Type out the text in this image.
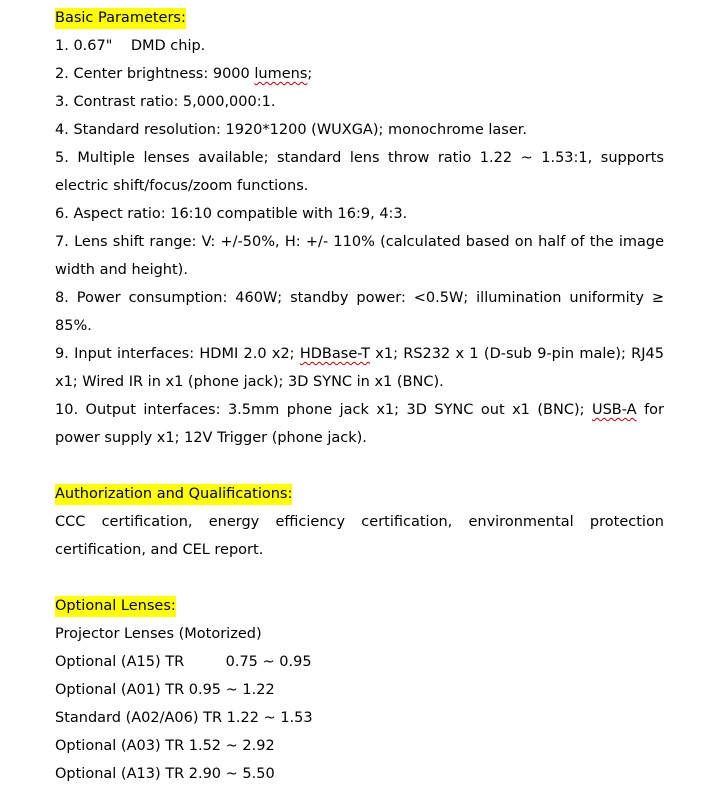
Basic Parameters:

1. 0.67"    DMD chip.

2. Center brightness: 9000 lumens;

3. Contrast ratio: 5,000,000:1.

4. Standard resolution: 1920*1200 (WUXGA); monochrome laser.

5. Multiple lenses available; standard lens throw ratio 1.22 ~ 1.53:1, supports electric shift/focus/zoom functions.

6. Aspect ratio: 16:10 compatible with 16:9, 4:3.

7. Lens shift range: V: +/-50%, H: +/- 110% (calculated based on half of the image width and height).

8. Power consumption: 460W; standby power: <0.5W; illumination uniformity ≥ 85%.

9. Input interfaces: HDMI 2.0 x2; HDBase-T x1; RS232 x 1 (D-sub 9-pin male); RJ45 x1; Wired IR in x1 (phone jack); 3D SYNC in x1 (BNC).

10. Output interfaces: 3.5mm phone jack x1; 3D SYNC out x1 (BNC); USB-A for power supply x1; 12V Trigger (phone jack).

Authorization and Qualifications:

CCC certification, energy efficiency certification, environmental protection certification, and CEL report.

Optional Lenses:

Projector Lenses (Motorized)

Optional (A15) TR         0.75 ~ 0.95

Optional (A01) TR 0.95 ~ 1.22

Standard (A02/A06) TR 1.22 ~ 1.53

Optional (A03) TR 1.52 ~ 2.92

Optional (A13) TR 2.90 ~ 5.50
